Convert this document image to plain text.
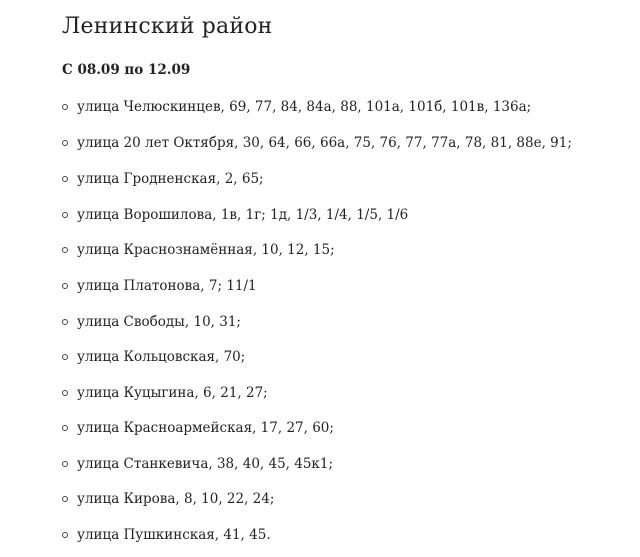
Ленинский район

С 08.09 по 12.09

улица Челюскинцев, 69, 77, 84, 84а, 88, 101а, 101б, 101в, 136а;
улица 20 лет Октября, 30, 64, 66, 66а, 75, 76, 77, 77а, 78, 81, 88е, 91;
улица Гродненская, 2, 65;
улица Ворошилова, 1в, 1г; 1д, 1/3, 1/4, 1/5, 1/6
улица Краснознамённая, 10, 12, 15;
улица Платонова, 7; 11/1
улица Свободы, 10, 31;
улица Кольцовская, 70;
улица Куцыгина, 6, 21, 27;
улица Красноармейская, 17, 27, 60;
улица Станкевича, 38, 40, 45, 45к1;
улица Кирова, 8, 10, 22, 24;
улица Пушкинская, 41, 45.
